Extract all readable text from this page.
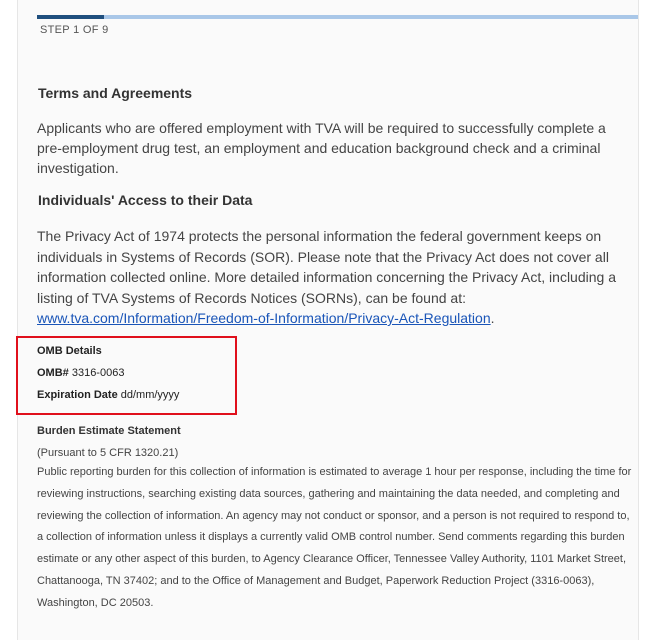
STEP 1 OF 9
Terms and Agreements
Applicants who are offered employment with TVA will be required to successfully complete a pre-employment drug test, an employment and education background check and a criminal investigation.
Individuals' Access to their Data
The Privacy Act of 1974 protects the personal information the federal government keeps on individuals in Systems of Records (SOR). Please note that the Privacy Act does not cover all information collected online. More detailed information concerning the Privacy Act, including a listing of TVA Systems of Records Notices (SORNs), can be found at: www.tva.com/Information/Freedom-of-Information/Privacy-Act-Regulation.
OMB Details
OMB# 3316-0063
Expiration Date dd/mm/yyyy
Burden Estimate Statement
(Pursuant to 5 CFR 1320.21)
Public reporting burden for this collection of information is estimated to average 1 hour per response, including the time for reviewing instructions, searching existing data sources, gathering and maintaining the data needed, and completing and reviewing the collection of information. An agency may not conduct or sponsor, and a person is not required to respond to, a collection of information unless it displays a currently valid OMB control number. Send comments regarding this burden estimate or any other aspect of this burden, to Agency Clearance Officer, Tennessee Valley Authority, 1101 Market Street, Chattanooga, TN 37402; and to the Office of Management and Budget, Paperwork Reduction Project (3316-0063), Washington, DC 20503.
